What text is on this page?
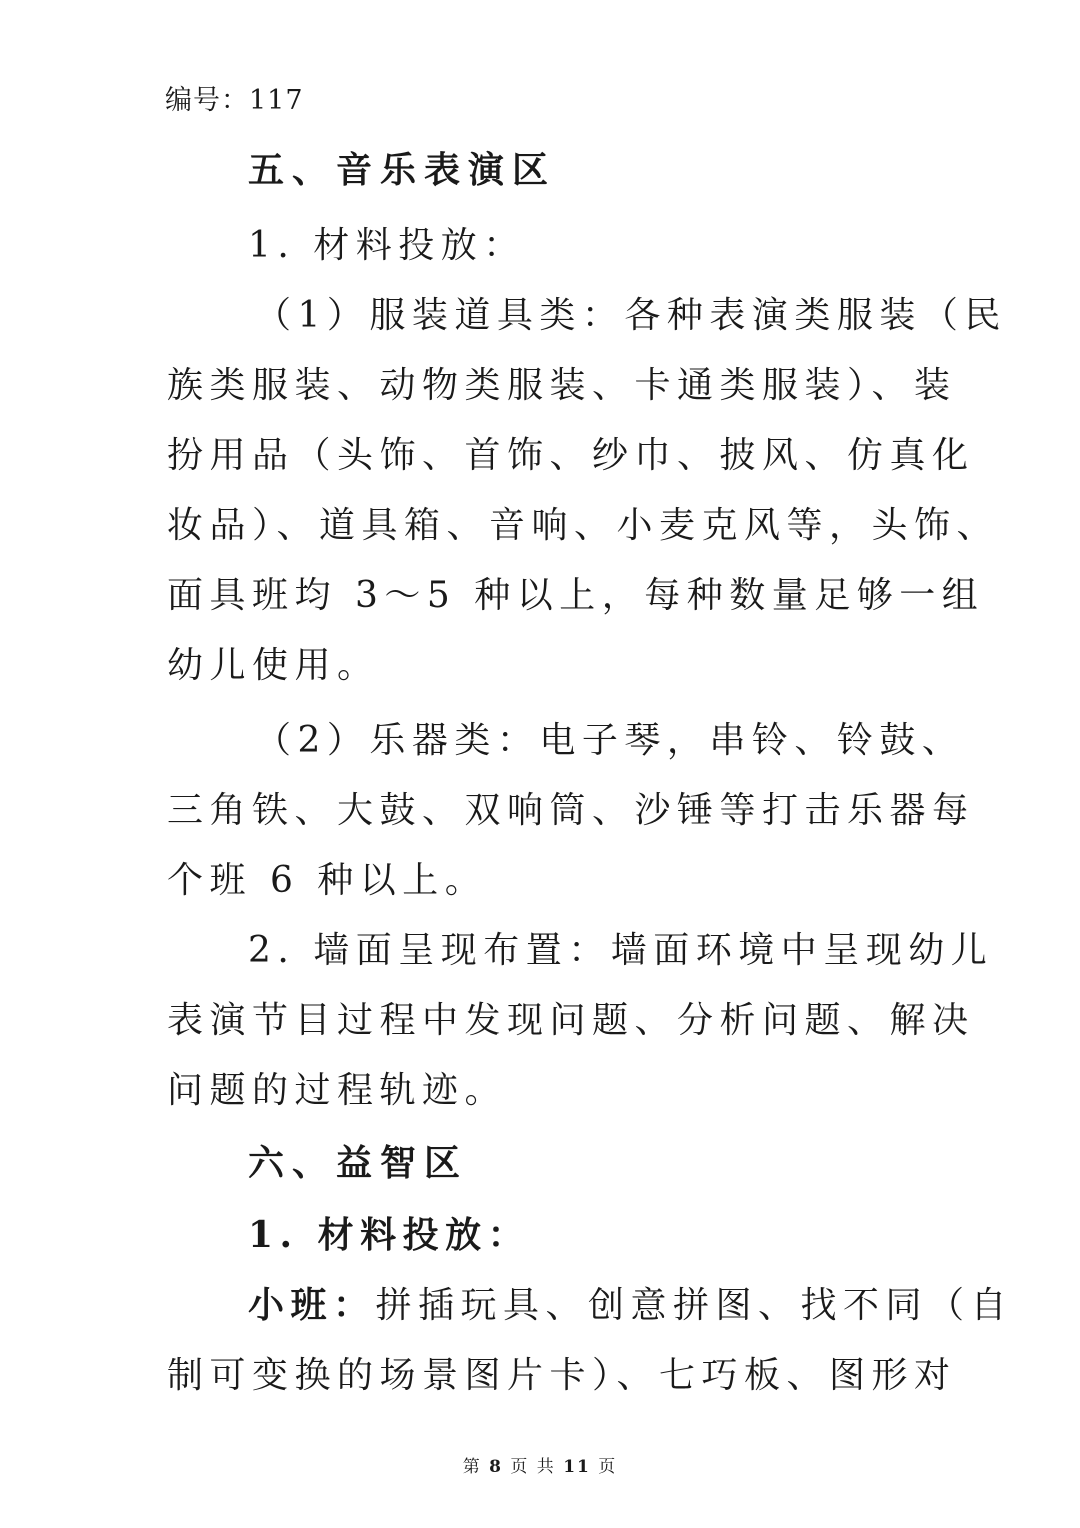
编号：117
五、音乐表演区
1. 材料投放：
（1）服装道具类：各种表演类服装（民
族类服装、动物类服装、卡通类服装）、装
扮用品（头饰、首饰、纱巾、披风、仿真化
妆品）、道具箱、音响、小麦克风等，头饰、
面具班均 3～5 种以上，每种数量足够一组
幼儿使用。
（2）乐器类：电子琴，串铃、铃鼓、
三角铁、大鼓、双响筒、沙锤等打击乐器每
个班 6 种以上。
2. 墙面呈现布置：墙面环境中呈现幼儿
表演节目过程中发现问题、分析问题、解决
问题的过程轨迹。
六、益智区
1. 材料投放：
小班：拼插玩具、创意拼图、找不同（自
制可变换的场景图片卡）、七巧板、图形对
第 8 页 共 11 页
